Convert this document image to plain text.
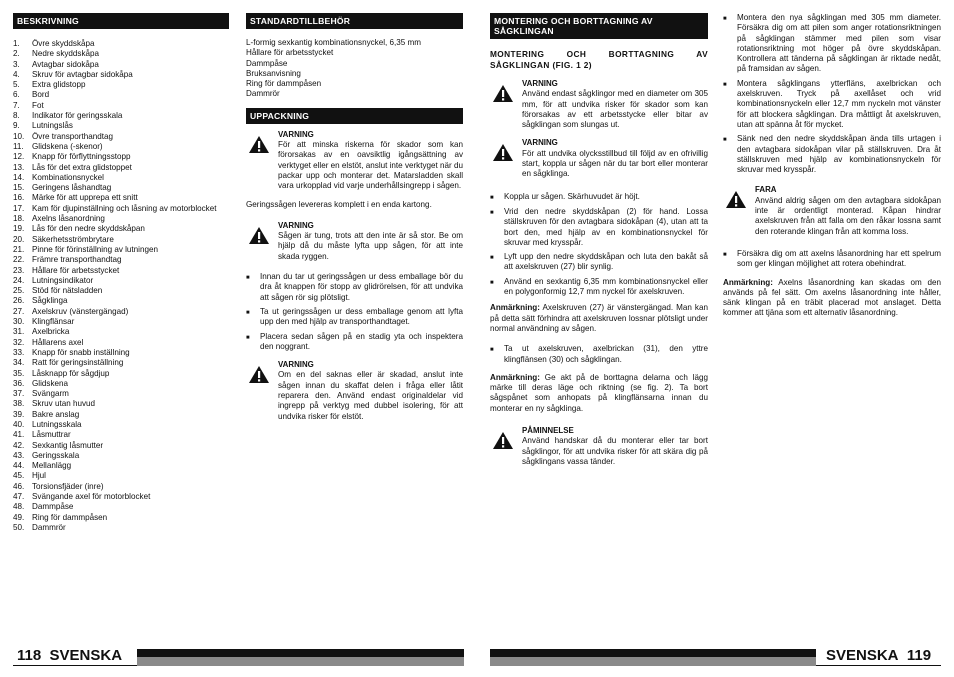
BESKRIVNING
1.	Övre skyddskåpa
2.	Nedre skyddskåpa
3.	Avtagbar sidokåpa
4.	Skruv för avtagbar sidokåpa
5.	Extra glidstopp
6.	Bord
7.	Fot
8.	Indikator för geringsskala
9.	Lutningslås
10. Övre transporthandtag
11.	Glidskena (-skenor)
12. Knapp för förflyttningsstopp
13. Lås för det extra glidstoppet
14. Kombinationsnyckel
15. Geringens låshandtag
16. Märke för att upprepa ett snitt
17. Kam för djupinställning och låsning av motorblocket
18. Axelns låsanordning
19. Lås för den nedre skyddskåpan
20. Säkerhetsströmbrytare
21. Pinne för förinställning av lutningen
22. Främre transporthandtag
23. Hållare för arbetsstycket
24. Lutningsindikator
25. Stöd för nätsladden
26. Sågklinga
27. Axelskruv (vänstergängad)
30. Klingflänsar
31. Axelbricka
32. Hållarens axel
33. Knapp för snabb inställning
34. Ratt för geringsinställning
35. Låsknapp för sågdjup
36. Glidskena
37. Svängarm
38. Skruv utan huvud
39. Bakre anslag
40. Lutningsskala
41. Låsmuttrar
42. Sexkantig låsmutter
43. Geringsskala
44. Mellanlägg
45. Hjul
46. Torsionsfjäder (inre)
47. Svängande axel för motorblocket
48. Dammpåse
49. Ring för dammpåsen
50. Dammrör
STANDARDTILLBEHÖR
L-formig sexkantig kombinationsnyckel, 6,35 mm
Hållare för arbetsstycket
Dammpåse
Bruksanvisning
Ring för dammpåsen
Dammrör
UPPACKNING
VARNING
För att minska riskerna för skador som kan förorsakas av en oavsiktlig igångsättning av verktyget eller en elstöt, anslut inte verktyget när du packar upp och monterar det. Matarsladden skall vara urkopplad vid varje underhållsingrepp i sågen.
Geringssågen levereras komplett i en enda kartong.
VARNING
Sågen är tung, trots att den inte är så stor. Be om hjälp då du måste lyfta upp sågen, för att inte skada ryggen.
■	Innan du tar ut geringssågen ur dess emballage bör du dra åt knappen för stopp av glidrörelsen, för att undvika att sågen rör sig plötsligt.
■	Ta ut geringssågen ur dess emballage genom att lyfta upp den med hjälp av transporthandtaget.
■	Placera sedan sågen på en stadig yta och inspektera den noggrant.
VARNING
Om en del saknas eller är skadad, anslut inte sågen innan du skaffat delen i fråga eller låtit reparera den. Använd endast originaldelar vid ingrepp på verktyg med dubbel isolering, för att undvika risker för elstöt.
MONTERING OCH BORTTAGNING AV SÅGKLINGAN
MONTERING OCH BORTTAGNING AV SÅGKLINGAN (FIG. 1 2)
VARNING
Använd endast sågklingor med en diameter om 305 mm, för att undvika risker för skador som kan förorsakas av ett arbetsstycke eller bitar av sågklingan som slungas ut.
VARNING
För att undvika olycksstillbud till följd av en ofrivillig start, koppla ur sågen när du tar bort eller monterar en sågklinga.
■	Koppla ur sågen. Skärhuvudet är höjt.
■	Vrid den nedre skyddskåpan (2) för hand. Lossa ställskruven för den avtagbara sidokåpan (4), utan att ta bort den, med hjälp av en kombinationsnyckel för skruvar med krysspår.
■	Lyft upp den nedre skyddskåpan och luta den bakåt så att axelskruven (27) blir synlig.
■	Använd en sexkantig 6,35 mm kombinationsnyckel eller en polygonformig 12,7 mm nyckel för axelskruven.
Anmärkning: Axelskruven (27) är vänstergängad. Man kan på detta sätt förhindra att axelskruven lossnar plötsligt under normal användning av sågen.
■	Ta ut axelskruven, axelbrickan (31), den yttre klingflänsen (30) och sågklingan.
Anmärkning: Ge akt på de borttagna delarna och lägg märke till deras läge och riktning (se fig. 2). Ta bort sågspånet som anhopats på klingflänsarna innan du monterar en ny sågklinga.
PÅMINNELSE
Använd handskar då du monterar eller tar bort sågklingor, för att undvika risker för att skära dig på sågklingans vassa tänder.
■	Montera den nya sågklingan med 305 mm diameter. Försäkra dig om att pilen som anger rotationsriktningen på sågklingan stämmer med pilen som visar rotationsriktning mot höger på övre skyddskåpan. Kontrollera att tänderna på sågklingan är riktade nedåt, på framsidan av sågen.
■	Montera sågklingans ytterfläns, axelbrickan och axelskruven. Tryck på axellåset och vrid kombinationsnyckeln eller 12,7 mm nyckeln mot vänster för att blockera sågklingan. Dra måttligt åt axelskruven, utan att spänna åt för mycket.
■	Sänk ned den nedre skyddskåpan ända tills urtagen i den avtagbara sidokåpan vilar på ställskruven. Dra åt ställskruven med hjälp av kombinationsnyckeln för skruvar med krysspår.
FARA
Använd aldrig sågen om den avtagbara sidokåpan inte är ordentligt monterad. Kåpan hindrar axelskruven från att falla om den råkar lossna samt den roterande klingan från att komma loss.
■	Försäkra dig om att axelns låsanordning har ett spelrum som ger klingan möjlighet att rotera obehindrat.
Anmärkning: Axelns låsanordning kan skadas om den används på fel sätt. Om axelns låsanordning inte håller, sänk klingan på en träbit placerad mot anslaget. Detta kommer att tjäna som ett alternativ låsanordning.
118 SVENSKA	SVENSKA 119
